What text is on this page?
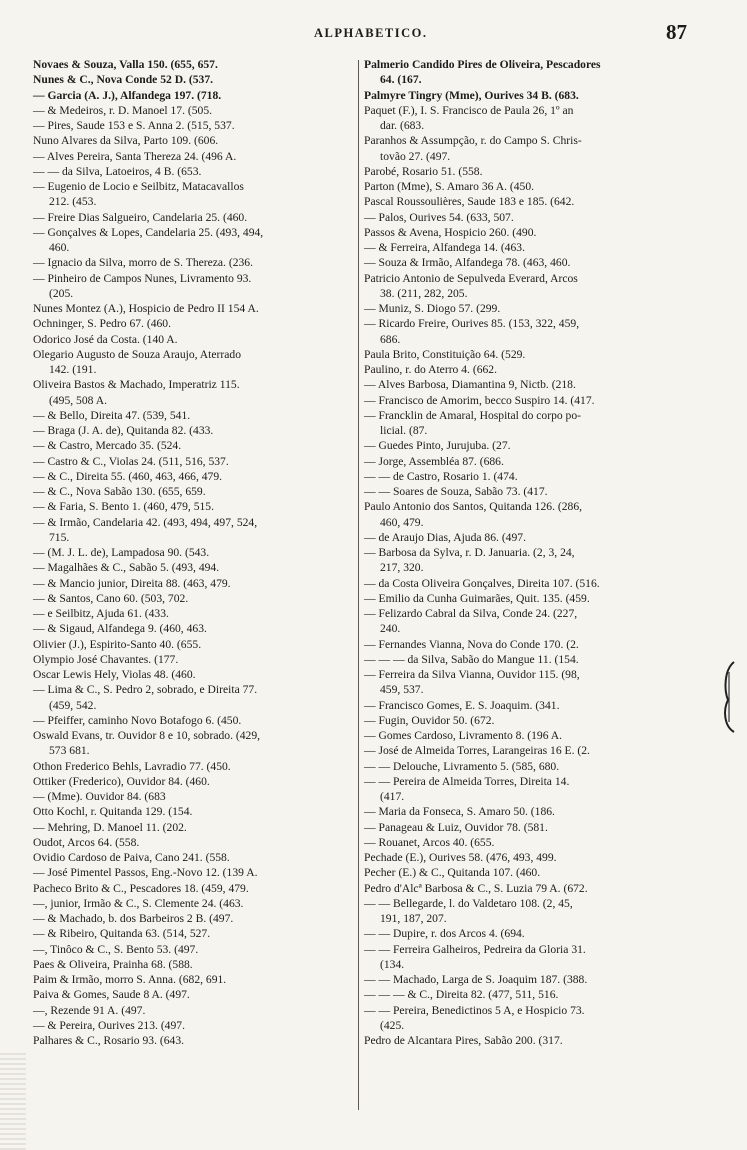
ALPHABETICO.	87
Novaes & Souza, Valla 150. (655, 657.
Nunes & C., Nova Conde 52 D. (537.
— Garcia (A. J.), Alfandega 197. (718.
— & Medeiros, r. D. Manoel 17. (505.
— Pires, Saude 153 e S. Anna 2. (515, 537.
Nuno Alvares da Silva, Parto 109. (606.
— Alves Pereira, Santa Thereza 24. (496 A.
— — da Silva, Latoeiros, 4 B. (653.
— Eugenio de Locio e Seilbitz, Matacavallos
212. (453.
— Freire Dias Salgueiro, Candelaria 25. (460.
— Gonçalves & Lopes, Candelaria 25. (493, 494,
460.
— Ignacio da Silva, morro de S. Thereza. (236.
— Pinheiro de Campos Nunes, Livramento 93.
(205.
Nunes Montez (A.), Hospicio de Pedro II 154 A.
Ochninger, S. Pedro 67. (460.
Odorico José da Costa. (140 A.
Olegario Augusto de Souza Araujo, Aterrado
142. (191.
Oliveira Bastos & Machado, Imperatriz 115.
(495, 508 A.
— & Bello, Direita 47. (539, 541.
— Braga (J. A. de), Quitanda 82. (433.
— & Castro, Mercado 35. (524.
— Castro & C., Violas 24. (511, 516, 537.
— & C., Direita 55. (460, 463, 466, 479.
— & C., Nova Sabão 130. (655, 659.
— & Faria, S. Bento 1. (460, 479, 515.
— & Irmão, Candelaria 42. (493, 494, 497, 524,
715.
— (M. J. L. de), Lampadosa 90. (543.
— Magalhães & C., Sabão 5. (493, 494.
— & Mancio junior, Direita 88. (463, 479.
— & Santos, Cano 60. (503, 702.
— e Seilbitz, Ajuda 61. (433.
— & Sigaud, Alfandega 9. (460, 463.
Olivier (J.), Espirito-Santo 40. (655.
Olympio José Chavantes. (177.
Oscar Lewis Hely, Violas 48. (460.
— Lima & C., S. Pedro 2, sobrado, e Direita 77.
(459, 542.
— Pfeiffer, caminho Novo Botafogo 6. (450.
Oswald Evans, tr. Ouvidor 8 e 10, sobrado. (429,
573 681.
Othon Frederico Behls, Lavradio 77. (450.
Ottiker (Frederico), Ouvidor 84. (460.
— (Mme). Ouvidor 84. (683
Otto Kochl, r. Quitanda 129. (154.
— Mehring, D. Manoel 11. (202.
Oudot, Arcos 64. (558.
Ovidio Cardoso de Paiva, Cano 241. (558.
— José Pimentel Passos, Eng.-Novo 12. (139 A.
Pacheco Brito & C., Pescadores 18. (459, 479.
—, junior, Irmão & C., S. Clemente 24. (463.
— & Machado, b. dos Barbeiros 2 B. (497.
— & Ribeiro, Quitanda 63. (514, 527.
—, Tinôco & C., S. Bento 53. (497.
Paes & Oliveira, Prainha 68. (588.
Paim & Irmão, morro S. Anna. (682, 691.
Paiva & Gomes, Saude 8 A. (497.
—, Rezende 91 A. (497.
— & Pereira, Ourives 213. (497.
Palhares & C., Rosario 93. (643.
Palmerio Candido Pires de Oliveira, Pescadores
64. (167.
Palmyre Tingry (Mme), Ourives 34 B. (683.
Paquet (F.), I. S. Francisco de Paula 26, 1º an
dar. (683.
Paranhos & Assumpção, r. do Campo S. Chris-
tovão 27. (497.
Parobé, Rosario 51. (558.
Parton (Mme), S. Amaro 36 A. (450.
Pascal Roussoulières, Saude 183 e 185. (642.
— Palos, Ourives 54. (633, 507.
Passos & Avena, Hospicio 260. (490.
— & Ferreira, Alfandega 14. (463.
— Souza & Irmão, Alfandega 78. (463, 460.
Patricio Antonio de Sepulveda Everard, Arcos
38. (211, 282, 205.
— Muniz, S. Diogo 57. (299.
— Ricardo Freire, Ourives 85. (153, 322, 459,
686.
Paula Brito, Constituição 64. (529.
Paulino, r. do Aterro 4. (662.
— Alves Barbosa, Diamantina 9, Nictb. (218.
— Francisco de Amorim, becco Suspiro 14. (417.
— Francklin de Amaral, Hospital do corpo po-
licial. (87.
— Guedes Pinto, Jurujuba. (27.
— Jorge, Assembléa 87. (686.
— — de Castro, Rosario 1. (474.
— — Soares de Souza, Sabão 73. (417.
Paulo Antonio dos Santos, Quitanda 126. (286,
460, 479.
— de Araujo Dias, Ajuda 86. (497.
— Barbosa da Sylva, r. D. Januaria. (2, 3, 24,
217, 320.
— da Costa Oliveira Gonçalves, Direita 107. (516.
— Emilio da Cunha Guimarães, Quit. 135. (459.
— Felizardo Cabral da Silva, Conde 24. (227,
240.
— Fernandes Vianna, Nova do Conde 170. (2.
— — — da Silva, Sabão do Mangue 11. (154.
— Ferreira da Silva Vianna, Ouvidor 115. (98,
459, 537.
— Francisco Gomes, E. S. Joaquim. (341.
— Fugin, Ouvidor 50. (672.
— Gomes Cardoso, Livramento 8. (196 A.
— José de Almeida Torres, Larangeiras 16 E. (2.
— — Delouche, Livramento 5. (585, 680.
— — Pereira de Almeida Torres, Direita 14.
(417.
— Maria da Fonseca, S. Amaro 50. (186.
— Panageau & Luiz, Ouvidor 78. (581.
— Rouanet, Arcos 40. (655.
Pechade (E.), Ourives 58. (476, 493, 499.
Pecher (E.) & C., Quitanda 107. (460.
Pedro d'Alcª Barbosa & C., S. Luzia 79 A. (672.
— — Bellegarde, l. do Valdetaro 108. (2, 45,
191, 187, 207.
— — Dupire, r. dos Arcos 4. (694.
— — Ferreira Galheiros, Pedreira da Gloria 31.
(134.
— — Machado, Larga de S. Joaquim 187. (388.
— — — & C., Direita 82. (477, 511, 516.
— — Pereira, Benedictinos 5 A, e Hospicio 73.
(425.
Pedro de Alcantara Pires, Sabão 200. (317.
